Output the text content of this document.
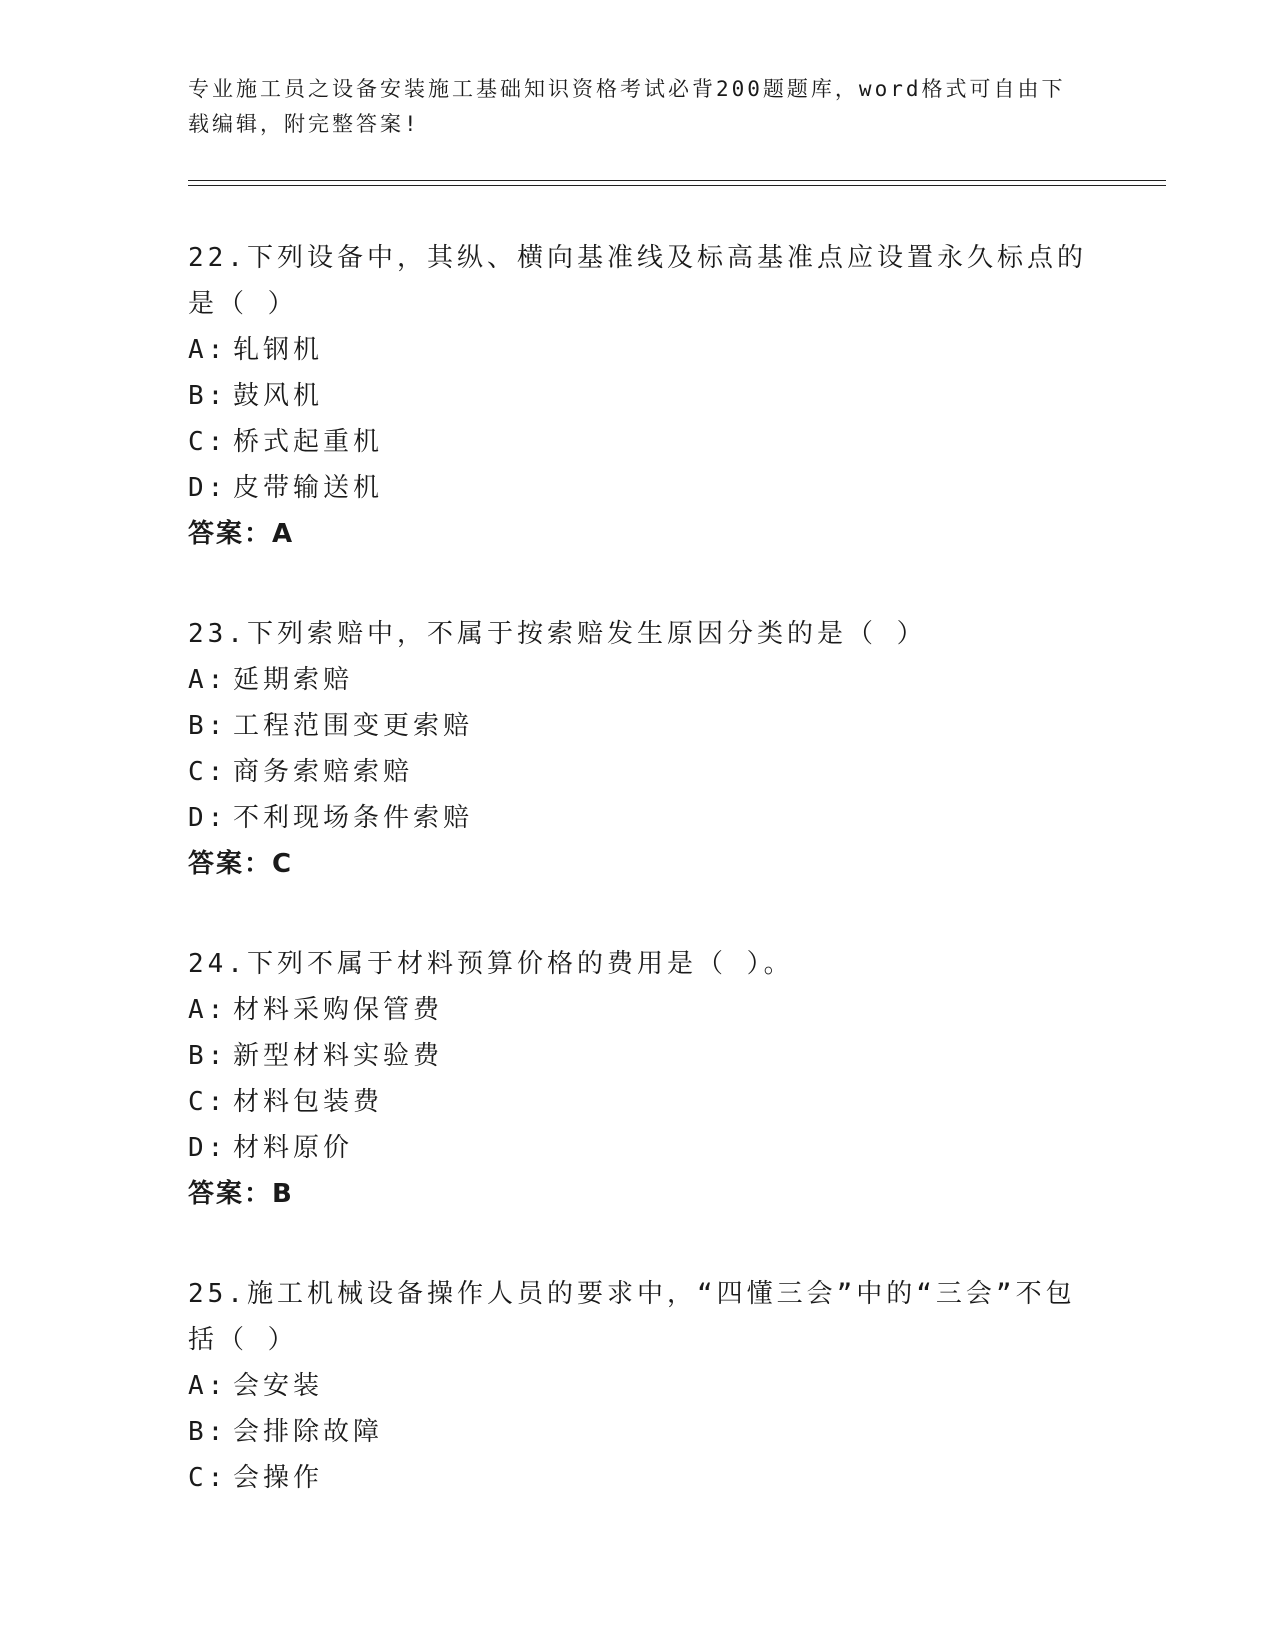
专业施工员之设备安装施工基础知识资格考试必背200题题库，word格式可自由下载编辑，附完整答案!
22.下列设备中，其纵、横向基准线及标高基准点应设置永久标点的是（ ）
A: 轧钢机
B: 鼓风机
C: 桥式起重机
D: 皮带输送机
答案：A
23.下列索赔中，不属于按索赔发生原因分类的是（ ）
A: 延期索赔
B: 工程范围变更索赔
C: 商务索赔索赔
D: 不利现场条件索赔
答案：C
24.下列不属于材料预算价格的费用是（ ）。
A: 材料采购保管费
B: 新型材料实验费
C: 材料包装费
D: 材料原价
答案：B
25.施工机械设备操作人员的要求中，“四懂三会”中的“三会”不包括（ ）
A: 会安装
B: 会排除故障
C: 会操作
